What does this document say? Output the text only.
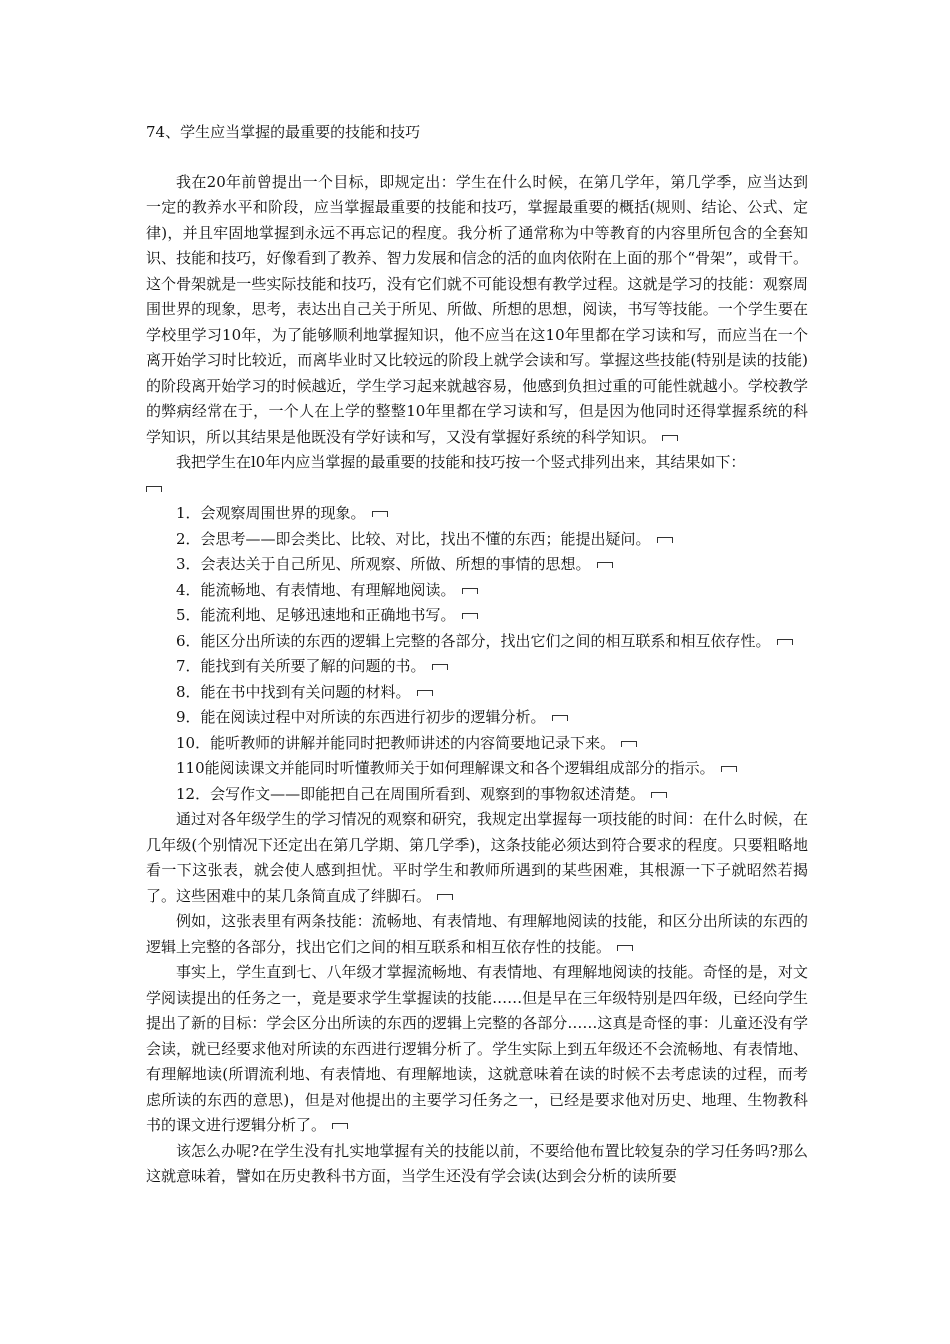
74、学生应当掌握的最重要的技能和技巧

我在20年前曾提出一个目标，即规定出：学生在什么时候，在第几学年，第几学季，应当达到一定的教养水平和阶段，应当掌握最重要的技能和技巧，掌握最重要的概括(规则、结论、公式、定律)，并且牢固地掌握到永远不再忘记的程度。我分析了通常称为中等教育的内容里所包含的全套知识、技能和技巧，好像看到了教养、智力发展和信念的活的血肉依附在上面的那个“骨架”，或骨干。这个骨架就是一些实际技能和技巧，没有它们就不可能设想有教学过程。这就是学习的技能：观察周围世界的现象，思考，表达出自己关于所见、所做、所想的思想，阅读，书写等技能。一个学生要在学校里学习10年，为了能够顺利地掌握知识，他不应当在这10年里都在学习读和写，而应当在一个离开始学习时比较近，而离毕业时又比较远的阶段上就学会读和写。掌握这些技能(特别是读的技能)的阶段离开始学习的时候越近，学生学习起来就越容易，他感到负担过重的可能性就越小。学校教学的弊病经常在于，一个人在上学的整整10年里都在学习读和写，但是因为他同时还得掌握系统的科学知识，所以其结果是他既没有学好读和写，又没有掌握好系统的科学知识。

我把学生在l0年内应当掌握的最重要的技能和技巧按一个竖式排列出来，其结果如下：

1．会观察周围世界的现象。

2．会思考——即会类比、比较、对比，找出不懂的东西；能提出疑问。

3．会表达关于自己所见、所观察、所做、所想的事情的思想。

4．能流畅地、有表情地、有理解地阅读。

5．能流利地、足够迅速地和正确地书写。

6．能区分出所读的东西的逻辑上完整的各部分，找出它们之间的相互联系和相互依存性。

7．能找到有关所要了解的问题的书。

8．能在书中找到有关问题的材料。

9．能在阅读过程中对所读的东西进行初步的逻辑分析。

10．能听教师的讲解并能同时把教师讲述的内容简要地记录下来。

110能阅读课文并能同时听懂教师关于如何理解课文和各个逻辑组成部分的指示。

12．会写作文——即能把自己在周围所看到、观察到的事物叙述清楚。

通过对各年级学生的学习情况的观察和研究，我规定出掌握每一项技能的时间：在什么时候，在几年级(个别情况下还定出在第几学期、第几学季)，这条技能必须达到符合要求的程度。只要粗略地看一下这张表，就会使人感到担忧。平时学生和教师所遇到的某些困难，其根源一下子就昭然若揭了。这些困难中的某几条简直成了绊脚石。

例如，这张表里有两条技能：流畅地、有表情地、有理解地阅读的技能，和区分出所读的东西的逻辑上完整的各部分，找出它们之间的相互联系和相互依存性的技能。

事实上，学生直到七、八年级才掌握流畅地、有表情地、有理解地阅读的技能。奇怪的是，对文学阅读提出的任务之一，竟是要求学生掌握读的技能……但是早在三年级特别是四年级，已经向学生提出了新的目标：学会区分出所读的东西的逻辑上完整的各部分……这真是奇怪的事：儿童还没有学会读，就已经要求他对所读的东西进行逻辑分析了。学生实际上到五年级还不会流畅地、有表情地、有理解地读(所谓流利地、有表情地、有理解地读，这就意味着在读的时候不去考虑读的过程，而考虑所读的东西的意思)，但是对他提出的主要学习任务之一，已经是要求他对历史、地理、生物教科书的课文进行逻辑分析了。

该怎么办呢?在学生没有扎实地掌握有关的技能以前，不要给他布置比较复杂的学习任务吗?那么这就意味着，譬如在历史教科书方面，当学生还没有学会读(达到会分析的读所要
